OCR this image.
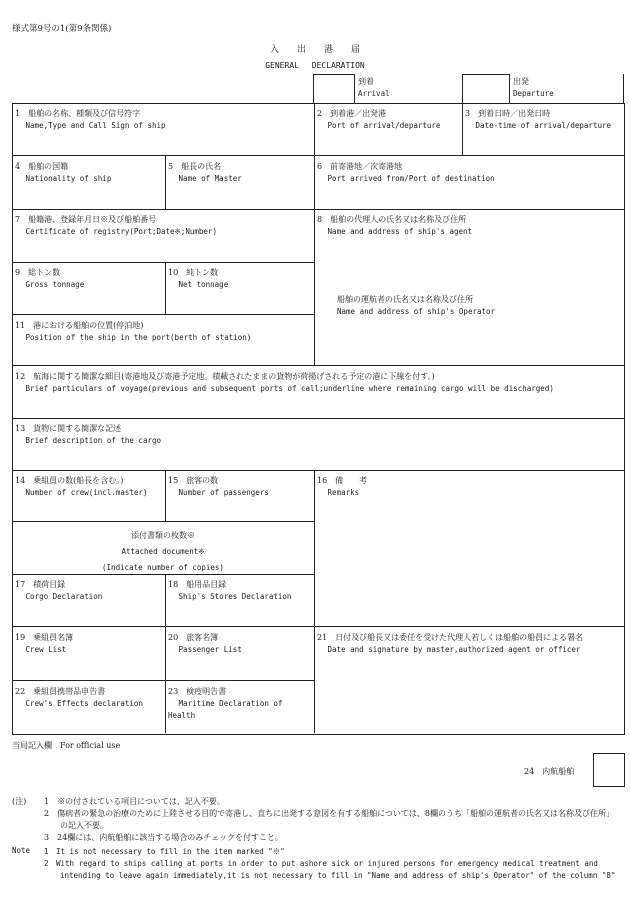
様式第9号の1(第9条関係)
入　　出　　港　　届
GENERAL　 DECLARATION
到着
Arrival
出発
Departure
1　船舶の名称、種類及び信号符字
　 Name,Type and Call Sign of ship
2　到着港／出発港
　 Port of arrival/departure
3　到着日時／出発日時
　 Date-time of arrival/departure
4　船舶の国籍
　 Nationality of ship
5　船長の氏名
　 Name of Master
6　前寄港地／次寄港地
　 Port arrived from/Port of destination
7　船籍港、登録年月日※及び船舶番号
　 Certificate of registry(Port;Date※;Number)
8　船舶の代理人の氏名又は名称及び住所
　 Name and address of ship's agent
船舶の運航者の氏名又は名称及び住所
Name and address of ship's Operator
9　総トン数
　 Gross tonnage
10　純トン数
　 Net tonnage
11　港における船舶の位置(停泊地)
　 Position of the ship in the port(berth of station)
12　航海に関する簡潔な細目(寄港地及び寄港予定地。積載されたままの貨物が荷揚げされる予定の港に下線を付す。)
　 Brief particulars of voyage(previous and subsequent ports of call;underline where remaining cargo will be discharged)
13　貨物に関する簡潔な記述
　 Brief description of the cargo
14　乗組員の数(船長を含む。)
　 Number of crew(incl.master)
15　旅客の数
　 Number of passengers
16　備　　考
　 Remarks
添付書類の枚数※
Attached document※
(Indicate number of copies)
17　積荷目録
　 Corgo Declaration
18　船用品目録
　 Ship's Stores Declaration
19　乗組員名簿
　 Crew List
20　旅客名簿
　 Passenger List
21　日付及び船長又は委任を受けた代理人若しくは船舶の船員による署名
　 Date and signature by master,authorized agent or officer
22　乗組員携帯品申告書
　 Crew's Effects declaration
23　検疫明告書
　 Maritime Declaration of Health
当局記入欄　For official use
24　内航船舶
(注) 1　※の付されている項目については、記入不要。
2　傷病者の緊急の治療のために上陸させる目的で寄港し、直ちに出発する意図を有する船舶については、8欄のうち「船舶の運航者の氏名又は名称及び住所」の記入不要。
3　24欄には、内航船舶に該当する場合のみチェックを付すこと。
Note 1　It is not necessary to fill in the item marked "※"
2　With regard to ships calling at ports in order to put ashore sick or injured persons for emergency medical treatment and intending to leave again immediately,it is not necessary to fill in "Name and address of ship's Operator" of the column "8"
